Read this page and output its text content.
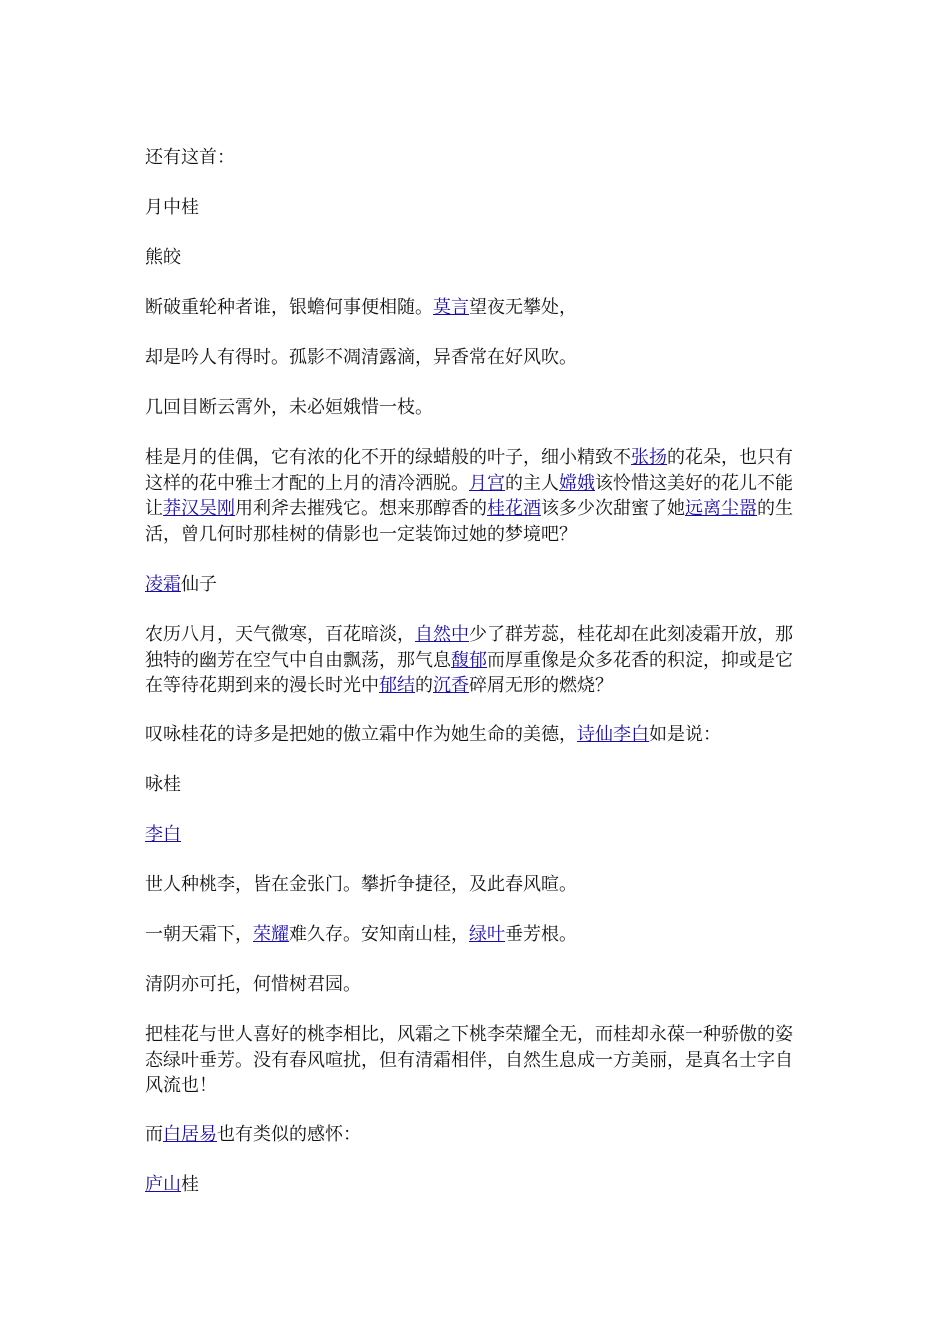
还有这首：

月中桂

熊皎

断破重轮种者谁，银蟾何事便相随。莫言望夜无攀处，

却是吟人有得时。孤影不凋清露滴，异香常在好风吹。

几回目断云霄外，未必姮娥惜一枝。

桂是月的佳偶，它有浓的化不开的绿蜡般的叶子，细小精致不张扬的花朵，也只有这样的花中雅士才配的上月的清冷洒脱。月宫的主人嫦娥该怜惜这美好的花儿不能让莽汉吴刚用利斧去摧残它。想来那醇香的桂花酒该多少次甜蜜了她远离尘嚣的生活，曾几何时那桂树的倩影也一定装饰过她的梦境吧？

凌霜仙子

农历八月，天气微寒，百花暗淡，自然中少了群芳蕊，桂花却在此刻凌霜开放，那独特的幽芳在空气中自由飘荡，那气息馥郁而厚重像是众多花香的积淀，抑或是它在等待花期到来的漫长时光中郁结的沉香碎屑无形的燃烧？

叹咏桂花的诗多是把她的傲立霜中作为她生命的美德，诗仙李白如是说：

咏桂

李白

世人种桃李，皆在金张门。攀折争捷径，及此春风暄。

一朝天霜下，荣耀难久存。安知南山桂，绿叶垂芳根。

清阴亦可托，何惜树君园。

把桂花与世人喜好的桃李相比，风霜之下桃李荣耀全无，而桂却永葆一种骄傲的姿态绿叶垂芳。没有春风喧扰，但有清霜相伴，自然生息成一方美丽，是真名士字自风流也！

而白居易也有类似的感怀：

庐山桂
